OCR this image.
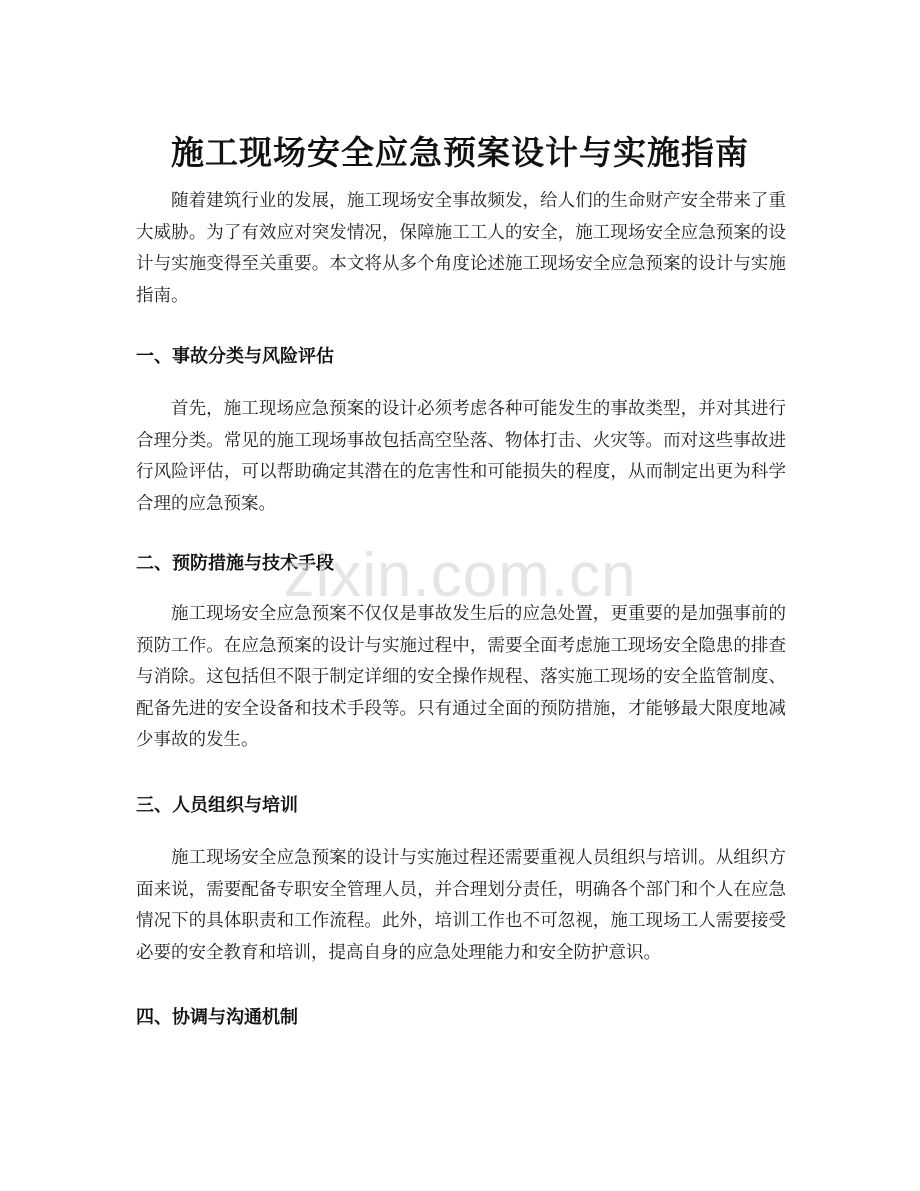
施工现场安全应急预案设计与实施指南

随着建筑行业的发展，施工现场安全事故频发，给人们的生命财产安全带来了重大威胁。为了有效应对突发情况，保障施工工人的安全，施工现场安全应急预案的设计与实施变得至关重要。本文将从多个角度论述施工现场安全应急预案的设计与实施指南。

一、事故分类与风险评估

首先，施工现场应急预案的设计必须考虑各种可能发生的事故类型，并对其进行合理分类。常见的施工现场事故包括高空坠落、物体打击、火灾等。而对这些事故进行风险评估，可以帮助确定其潜在的危害性和可能损失的程度，从而制定出更为科学合理的应急预案。

二、预防措施与技术手段

施工现场安全应急预案不仅仅是事故发生后的应急处置，更重要的是加强事前的预防工作。在应急预案的设计与实施过程中，需要全面考虑施工现场安全隐患的排查与消除。这包括但不限于制定详细的安全操作规程、落实施工现场的安全监管制度、配备先进的安全设备和技术手段等。只有通过全面的预防措施，才能够最大限度地减少事故的发生。

三、人员组织与培训

施工现场安全应急预案的设计与实施过程还需要重视人员组织与培训。从组织方面来说，需要配备专职安全管理人员，并合理划分责任，明确各个部门和个人在应急情况下的具体职责和工作流程。此外，培训工作也不可忽视，施工现场工人需要接受必要的安全教育和培训，提高自身的应急处理能力和安全防护意识。

四、协调与沟通机制
zixin.com.cn
